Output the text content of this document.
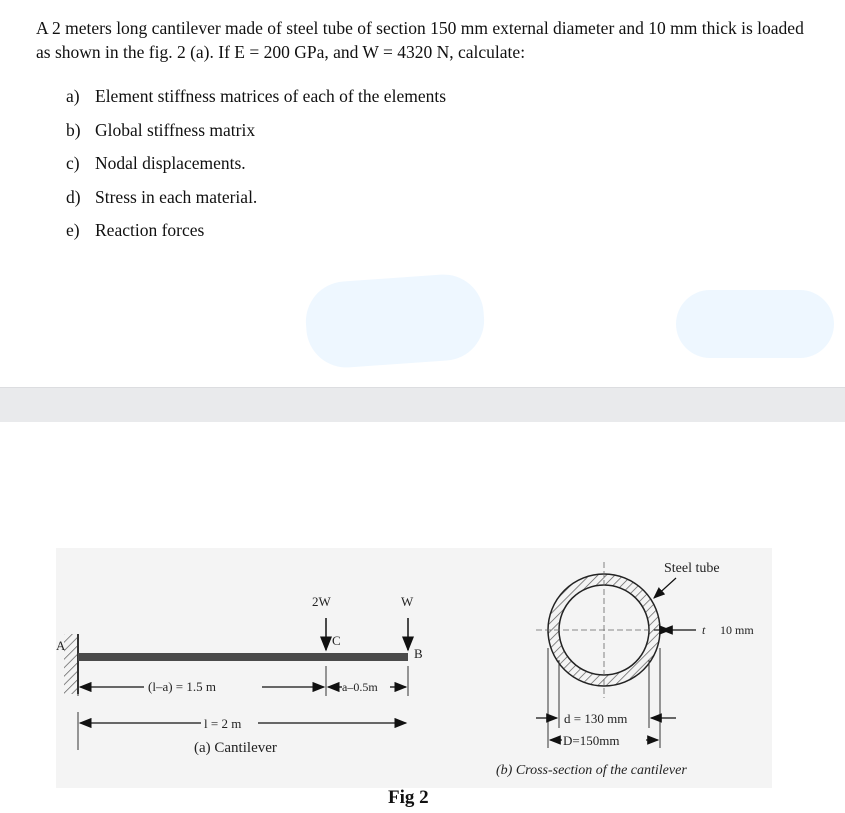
A 2 meters long cantilever made of steel tube of section 150 mm external diameter and 10 mm thick is loaded as shown in the fig. 2 (a). If E = 200 GPa, and W = 4320 N, calculate:
a) Element stiffness matrices of each of the elements
b) Global stiffness matrix
c) Nodal displacements.
d) Stress in each material.
e) Reaction forces
A
2W
C
W
B
(l–a) = 1.5 m	a–0.5m
l = 2 m
(a) Cantilever
Steel tube
t 10 mm
d = 130 mm
D=150mm
(b) Cross-section of the cantilever
Fig 2
